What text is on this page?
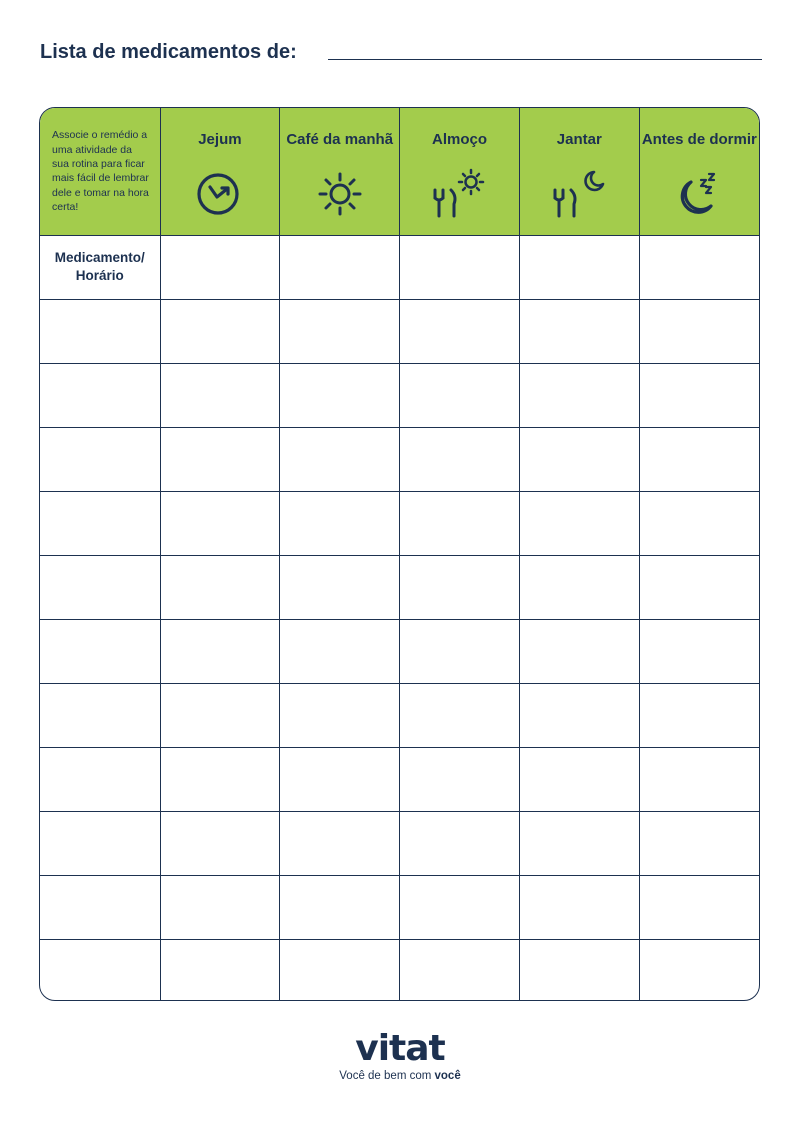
Lista de medicamentos de:
Associe o remédio a uma atividade da sua rotina para ficar mais fácil de lembrar dele e tomar na hora certa!	Jejum	Café da manhã	Almoço	Jantar	Antes de dormir

Medicamento/ Horário					

vitat
Você de bem com você
